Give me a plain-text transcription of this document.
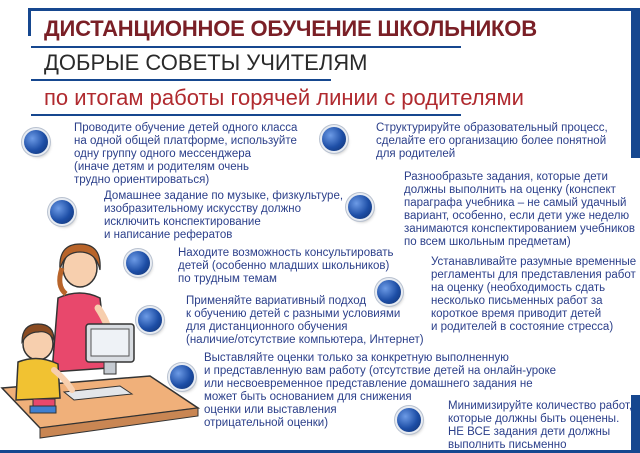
ДИСТАНЦИОННОЕ ОБУЧЕНИЕ ШКОЛЬНИКОВ
ДОБРЫЕ СОВЕТЫ УЧИТЕЛЯМ
по итогам работы горячей линии с родителями
Проводите обучение детей одного класса
на одной общей платформе, используйте
одну группу одного мессенджера
(иначе детям и родителям очень
трудно ориентироваться)
Домашнее задание по музыке, физкультуре,
изобразительному искусству должно
исключить конспектирование
и написание рефератов
Находите возможность консультировать
детей (особенно младших школьников)
по трудным темам
Применяйте вариативный подход
к обучению детей с разными условиями
для дистанционного обучения
(наличие/отсутствие компьютера, Интернет)
Выставляйте оценки только за конкретную выполненную
и представленную вам работу (отсутствие детей на онлайн-уроке
или несвоевременное представление домашнего задания не
может быть основанием для снижения
оценки или выставления
отрицательной оценки)
Структурируйте образовательный процесс,
сделайте его организацию более понятной
для родителей
Разнообразьте задания, которые дети
должны выполнить на оценку (конспект
параграфа учебника – не самый удачный
вариант, особенно, если дети уже неделю
занимаются конспектированием учебников
по всем школьным предметам)
Устанавливайте разумные временные
регламенты для представления работ
на оценку (необходимость сдать
несколько письменных работ за
короткое время приводит детей
и родителей в состояние стресса)
Минимизируйте количество работ,
которые должны быть оценены.
НЕ ВСЕ задания дети должны
выполнить письменно
